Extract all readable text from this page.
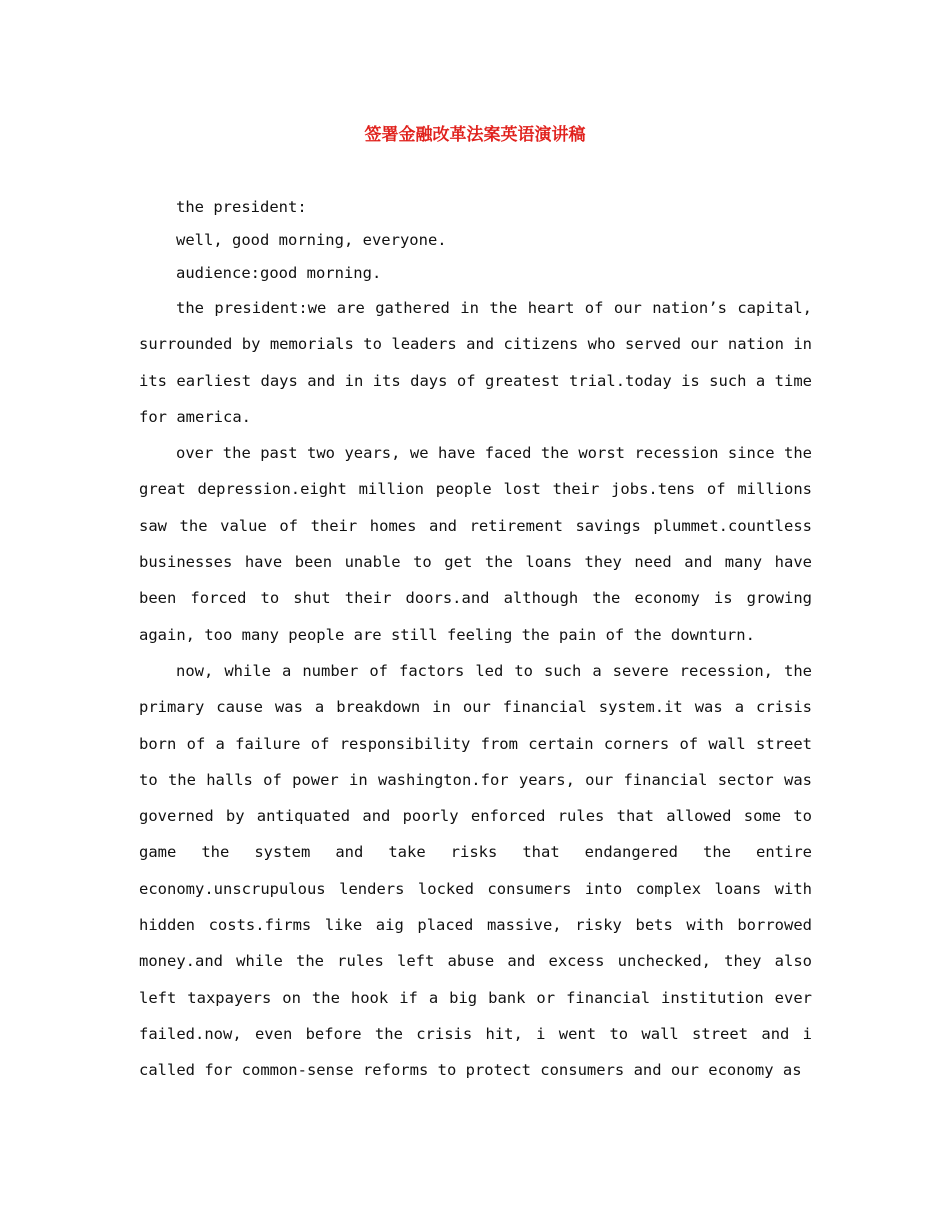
签署金融改革法案英语演讲稿

the president:

well, good morning, everyone.

audience:good morning.

the president:we are gathered in the heart of our nation’s capital, surrounded by memorials to leaders and citizens who served our nation in its earliest days and in its days of greatest trial.today is such a time for america.

over the past two years, we have faced the worst recession since the great depression.eight million people lost their jobs.tens of millions saw the value of their homes and retirement savings plummet.countless businesses have been unable to get the loans they need and many have been forced to shut their doors.and although the economy is growing again, too many people are still feeling the pain of the downturn.

now, while a number of factors led to such a severe recession, the primary cause was a breakdown in our financial system.it was a crisis born of a failure of responsibility from certain corners of wall street to the halls of power in washington.for years, our financial sector was governed by antiquated and poorly enforced rules that allowed some to game the system and take risks that endangered the entire economy.unscrupulous lenders locked consumers into complex loans with hidden costs.firms like aig placed massive, risky bets with borrowed money.and while the rules left abuse and excess unchecked, they also left taxpayers on the hook if a big bank or financial institution ever failed.now, even before the crisis hit, i went to wall street and i called for common-sense reforms to protect consumers and our economy as
